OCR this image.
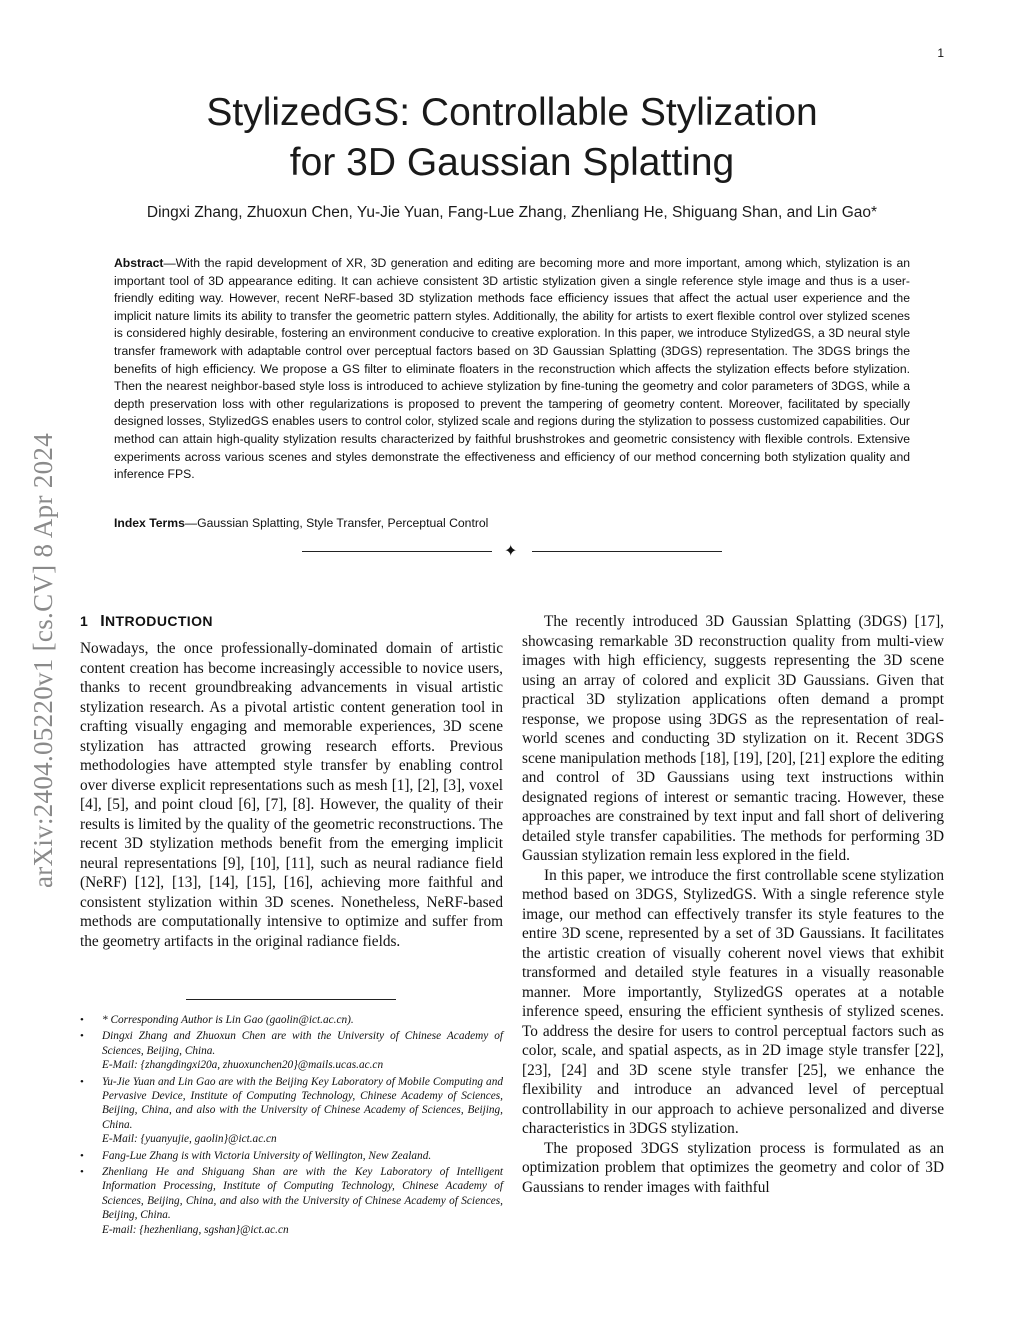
1
arXiv:2404.05220v1 [cs.CV] 8 Apr 2024
StylizedGS: Controllable Stylization
for 3D Gaussian Splatting
Dingxi Zhang, Zhuoxun Chen, Yu-Jie Yuan, Fang-Lue Zhang, Zhenliang He, Shiguang Shan, and Lin Gao*
Abstract—With the rapid development of XR, 3D generation and editing are becoming more and more important, among which, stylization is an important tool of 3D appearance editing. It can achieve consistent 3D artistic stylization given a single reference style image and thus is a user-friendly editing way. However, recent NeRF-based 3D stylization methods face efficiency issues that affect the actual user experience and the implicit nature limits its ability to transfer the geometric pattern styles. Additionally, the ability for artists to exert flexible control over stylized scenes is considered highly desirable, fostering an environment conducive to creative exploration. In this paper, we introduce StylizedGS, a 3D neural style transfer framework with adaptable control over perceptual factors based on 3D Gaussian Splatting (3DGS) representation. The 3DGS brings the benefits of high efficiency. We propose a GS filter to eliminate floaters in the reconstruction which affects the stylization effects before stylization. Then the nearest neighbor-based style loss is introduced to achieve stylization by fine-tuning the geometry and color parameters of 3DGS, while a depth preservation loss with other regularizations is proposed to prevent the tampering of geometry content. Moreover, facilitated by specially designed losses, StylizedGS enables users to control color, stylized scale and regions during the stylization to possess customized capabilities. Our method can attain high-quality stylization results characterized by faithful brushstrokes and geometric consistency with flexible controls. Extensive experiments across various scenes and styles demonstrate the effectiveness and efficiency of our method concerning both stylization quality and inference FPS.
Index Terms—Gaussian Splatting, Style Transfer, Perceptual Control
✦
1 INTRODUCTION

Nowadays, the once professionally-dominated domain of artistic content creation has become increasingly accessible to novice users, thanks to recent groundbreaking advancements in visual artistic stylization research. As a pivotal artistic content generation tool in crafting visually engaging and memorable experiences, 3D scene stylization has attracted growing research efforts. Previous methodologies have attempted style transfer by enabling control over diverse explicit representations such as mesh [1], [2], [3], voxel [4], [5], and point cloud [6], [7], [8]. However, the quality of their results is limited by the quality of the geometric reconstructions. The recent 3D stylization methods benefit from the emerging implicit neural representations [9], [10], [11], such as neural radiance field (NeRF) [12], [13], [14], [15], [16], achieving more faithful and consistent stylization within 3D scenes. Nonetheless, NeRF-based methods are computationally intensive to optimize and suffer from the geometry artifacts in the original radiance fields.

• * Corresponding Author is Lin Gao (gaolin@ict.ac.cn).
• Dingxi Zhang and Zhuoxun Chen are with the University of Chinese Academy of Sciences, Beijing, China.
E-Mail: {zhangdingxi20a, zhuoxunchen20}@mails.ucas.ac.cn
• Yu-Jie Yuan and Lin Gao are with the Beijing Key Laboratory of Mobile Computing and Pervasive Device, Institute of Computing Technology, Chinese Academy of Sciences, Beijing, China, and also with the University of Chinese Academy of Sciences, Beijing, China.
E-Mail: {yuanyujie, gaolin}@ict.ac.cn
• Fang-Lue Zhang is with Victoria University of Wellington, New Zealand.
• Zhenliang He and Shiguang Shan are with the Key Laboratory of Intelligent Information Processing, Institute of Computing Technology, Chinese Academy of Sciences, Beijing, China, and also with the University of Chinese Academy of Sciences, Beijing, China.
E-mail: {hezhenliang, sgshan}@ict.ac.cn

The recently introduced 3D Gaussian Splatting (3DGS) [17], showcasing remarkable 3D reconstruction quality from multi-view images with high efficiency, suggests representing the 3D scene using an array of colored and explicit 3D Gaussians. Given that practical 3D stylization applications often demand a prompt response, we propose using 3DGS as the representation of real-world scenes and conducting 3D stylization on it. Recent 3DGS scene manipulation methods [18], [19], [20], [21] explore the editing and control of 3D Gaussians using text instructions within designated regions of interest or semantic tracing. However, these approaches are constrained by text input and fall short of delivering detailed style transfer capabilities. The methods for performing 3D Gaussian stylization remain less explored in the field.

In this paper, we introduce the first controllable scene stylization method based on 3DGS, StylizedGS. With a single reference style image, our method can effectively transfer its style features to the entire 3D scene, represented by a set of 3D Gaussians. It facilitates the artistic creation of visually coherent novel views that exhibit transformed and detailed style features in a visually reasonable manner. More importantly, StylizedGS operates at a notable inference speed, ensuring the efficient synthesis of stylized scenes. To address the desire for users to control perceptual factors such as color, scale, and spatial aspects, as in 2D image style transfer [22], [23], [24] and 3D scene style transfer [25], we enhance the flexibility and introduce an advanced level of perceptual controllability in our approach to achieve personalized and diverse characteristics in 3DGS stylization.

The proposed 3DGS stylization process is formulated as an optimization problem that optimizes the geometry and color of 3D Gaussians to render images with faithful
